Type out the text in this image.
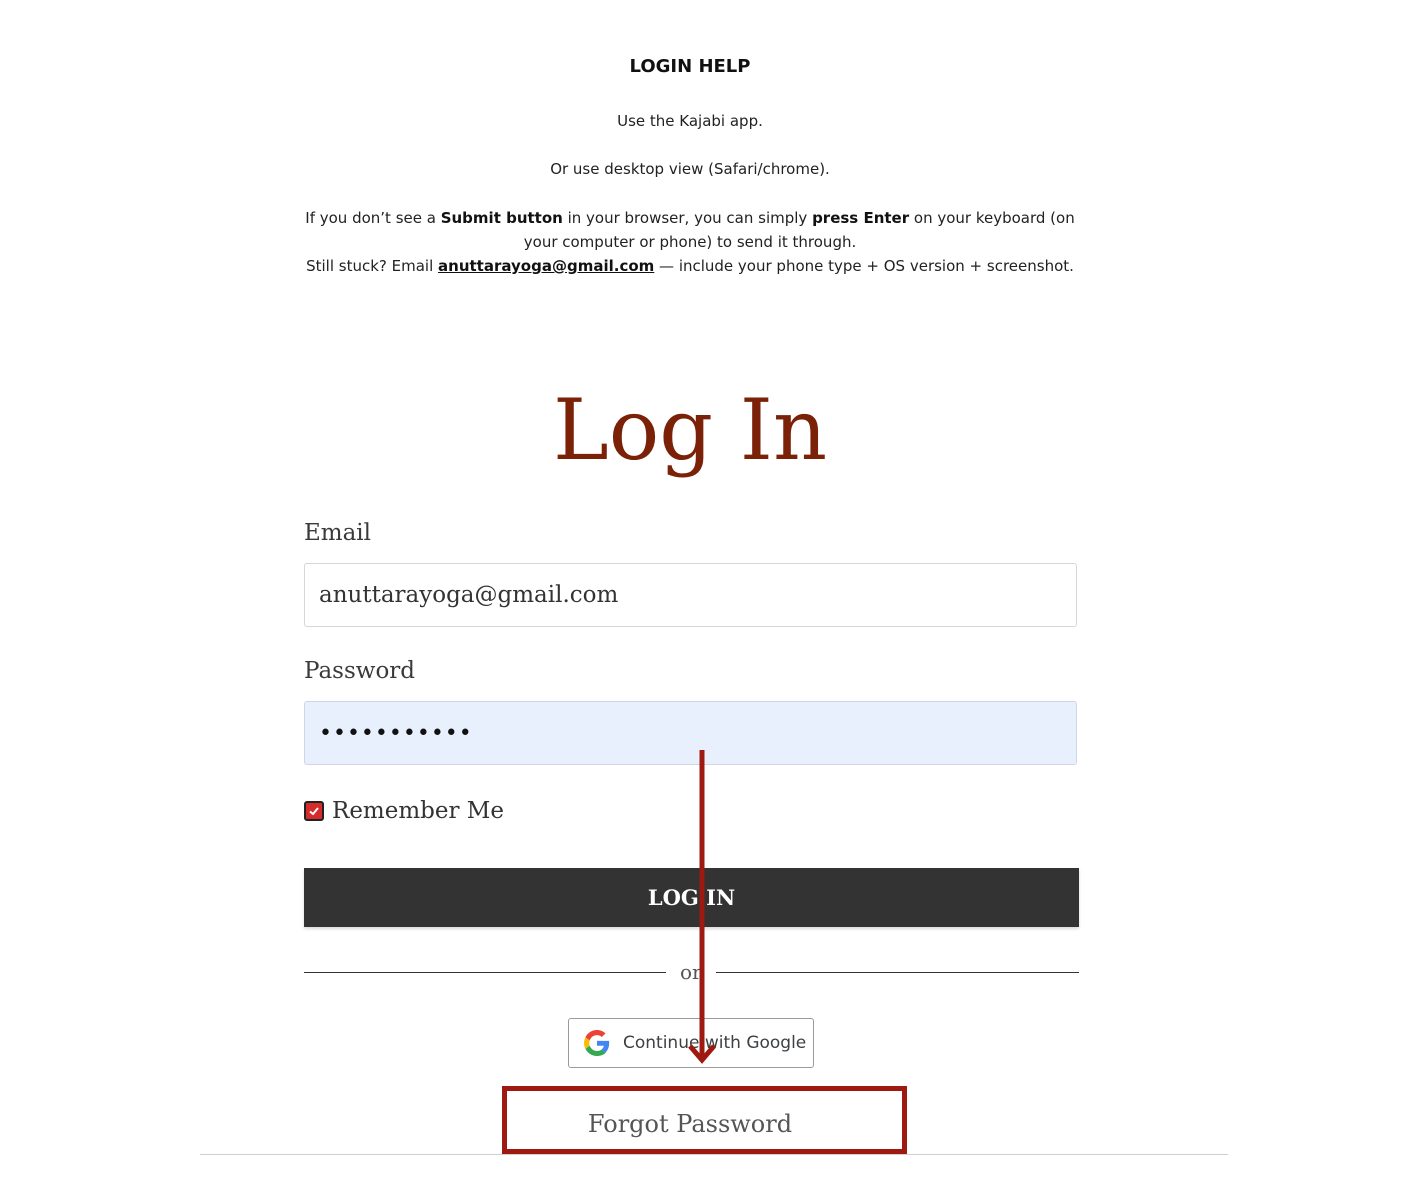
LOGIN HELP
Use the Kajabi app.
Or use desktop view (Safari/chrome).
If you don’t see a Submit button in your browser, you can simply press Enter on your keyboard (on your computer or phone) to send it through.
Still stuck? Email anuttarayoga@gmail.com — include your phone type + OS version + screenshot.
Log In
Email
anuttarayoga@gmail.com
Password
•••••••••••
Remember Me
LOG IN
or
Continue with Google
Forgot Password
